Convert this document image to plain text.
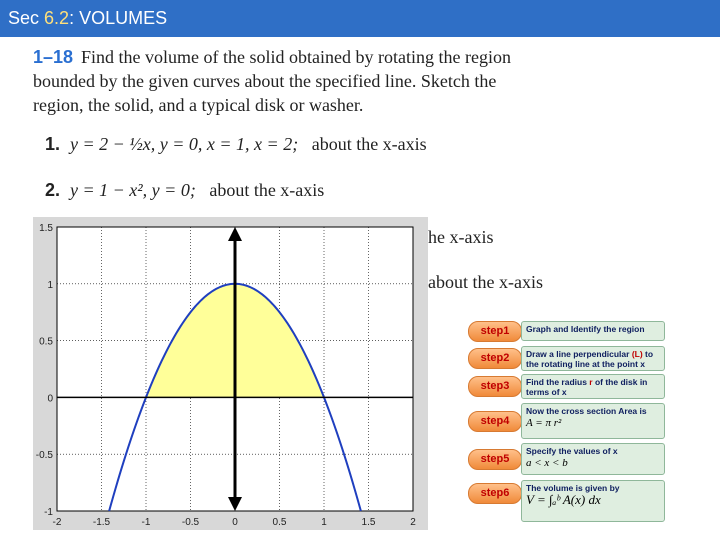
Sec 6.2: VOLUMES
1–18 Find the volume of the solid obtained by rotating the region
bounded by the given curves about the specified line. Sketch the
region, the solid, and a typical disk or washer.
1. y = 2 − ½x, y = 0, x = 1, x = 2; about the x-axis
2. y = 1 − x², y = 0; about the x-axis
he x-axis
about the x-axis
-2	-1.5	-1	-0.5	0	0.5	1	1.5	2
1.5
1
0.5
0
-0.5
-1
step1	Graph and Identify the region
step2	Draw a line perpendicular (L) to the rotating line at the point x
step3	Find the radius r of the disk in terms of x
step4
Now the cross section Area is
A = π r²
step5
Specify the values of x
a < x < b
step6	The volume is given by
V = ∫ₐᵇ A(x) dx
